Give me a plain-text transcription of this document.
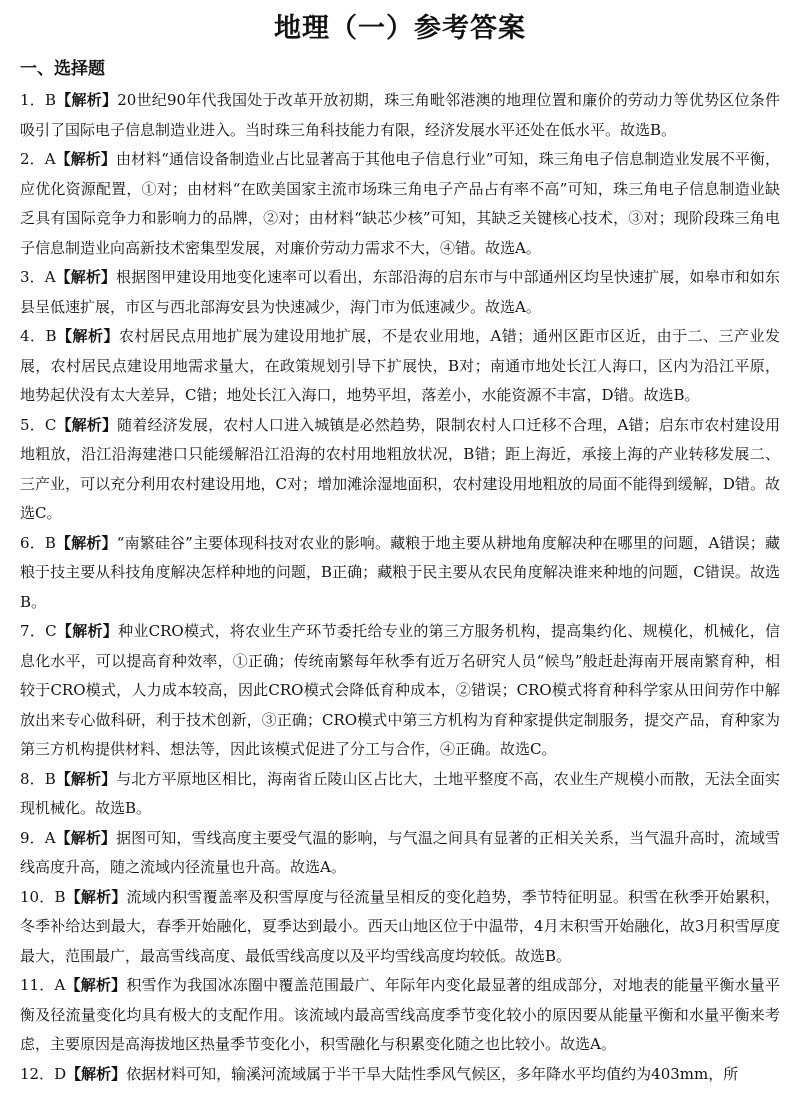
地理（一）参考答案
一、选择题

1．B【解析】20世纪90年代我国处于改革开放初期，珠三角毗邻港澳的地理位置和廉价的劳动力等优势区位条件吸引了国际电子信息制造业进入。当时珠三角科技能力有限，经济发展水平还处在低水平。故选B。

2．A【解析】由材料“通信设备制造业占比显著高于其他电子信息行业”可知，珠三角电子信息制造业发展不平衡，应优化资源配置，①对；由材料“在欧美国家主流市场珠三角电子产品占有率不高”可知，珠三角电子信息制造业缺乏具有国际竞争力和影响力的品牌，②对；由材料“缺芯少核”可知，其缺乏关键核心技术，③对；现阶段珠三角电子信息制造业向高新技术密集型发展，对廉价劳动力需求不大，④错。故选A。

3．A【解析】根据图甲建设用地变化速率可以看出，东部沿海的启东市与中部通州区均呈快速扩展，如皋市和如东县呈低速扩展，市区与西北部海安县为快速减少，海门市为低速减少。故选A。

4．B【解析】农村居民点用地扩展为建设用地扩展，不是农业用地，A错；通州区距市区近，由于二、三产业发展，农村居民点建设用地需求量大，在政策规划引导下扩展快，B对；南通市地处长江人海口，区内为沿江平原，地势起伏没有太大差异，C错；地处长江入海口，地势平坦，落差小，水能资源不丰富，D错。故选B。

5．C【解析】随着经济发展，农村人口进入城镇是必然趋势，限制农村人口迁移不合理，A错；启东市农村建设用地粗放，沿江沿海建港口只能缓解沿江沿海的农村用地粗放状况，B错；距上海近，承接上海的产业转移发展二、三产业，可以充分利用农村建设用地，C对；增加滩涂湿地面积，农村建设用地粗放的局面不能得到缓解，D错。故选C。

6．B【解析】“南繁硅谷”主要体现科技对农业的影响。藏粮于地主要从耕地角度解决种在哪里的问题，A错误；藏粮于技主要从科技角度解决怎样种地的问题，B正确；藏粮于民主要从农民角度解决谁来种地的问题，C错误。故选B。

7．C【解析】种业CRO模式，将农业生产环节委托给专业的第三方服务机构，提高集约化、规模化，机械化，信息化水平，可以提高育种效率，①正确；传统南繁每年秋季有近万名研究人员“候鸟”般赶赴海南开展南繁育种，相较于CRO模式，人力成本较高，因此CRO模式会降低育种成本，②错误；CRO模式将育种科学家从田间劳作中解放出来专心做科研，利于技术创新，③正确；CRO模式中第三方机构为育种家提供定制服务，提交产品，育种家为第三方机构提供材料、想法等，因此该模式促进了分工与合作，④正确。故选C。

8．B【解析】与北方平原地区相比，海南省丘陵山区占比大，土地平整度不高，农业生产规模小而散，无法全面实现机械化。故选B。

9．A【解析】据图可知，雪线高度主要受气温的影响，与气温之间具有显著的正相关关系，当气温升高时，流域雪线高度升高，随之流域内径流量也升高。故选A。

10．B【解析】流域内积雪覆盖率及积雪厚度与径流量呈相反的变化趋势，季节特征明显。积雪在秋季开始累积，冬季补给达到最大，春季开始融化，夏季达到最小。西天山地区位于中温带，4月末积雪开始融化，故3月积雪厚度最大，范围最广，最高雪线高度、最低雪线高度以及平均雪线高度均较低。故选B。

11．A【解析】积雪作为我国冰冻圈中覆盖范围最广、年际年内变化最显著的组成部分，对地表的能量平衡水量平衡及径流量变化均具有极大的支配作用。该流域内最高雪线高度季节变化较小的原因要从能量平衡和水量平衡来考虑，主要原因是高海拔地区热量季节变化小，积雪融化与积累变化随之也比较小。故选A。

12．D【解析】依据材料可知，输溪河流域属于半干旱大陆性季风气候区，多年降水平均值约为403mm，所
